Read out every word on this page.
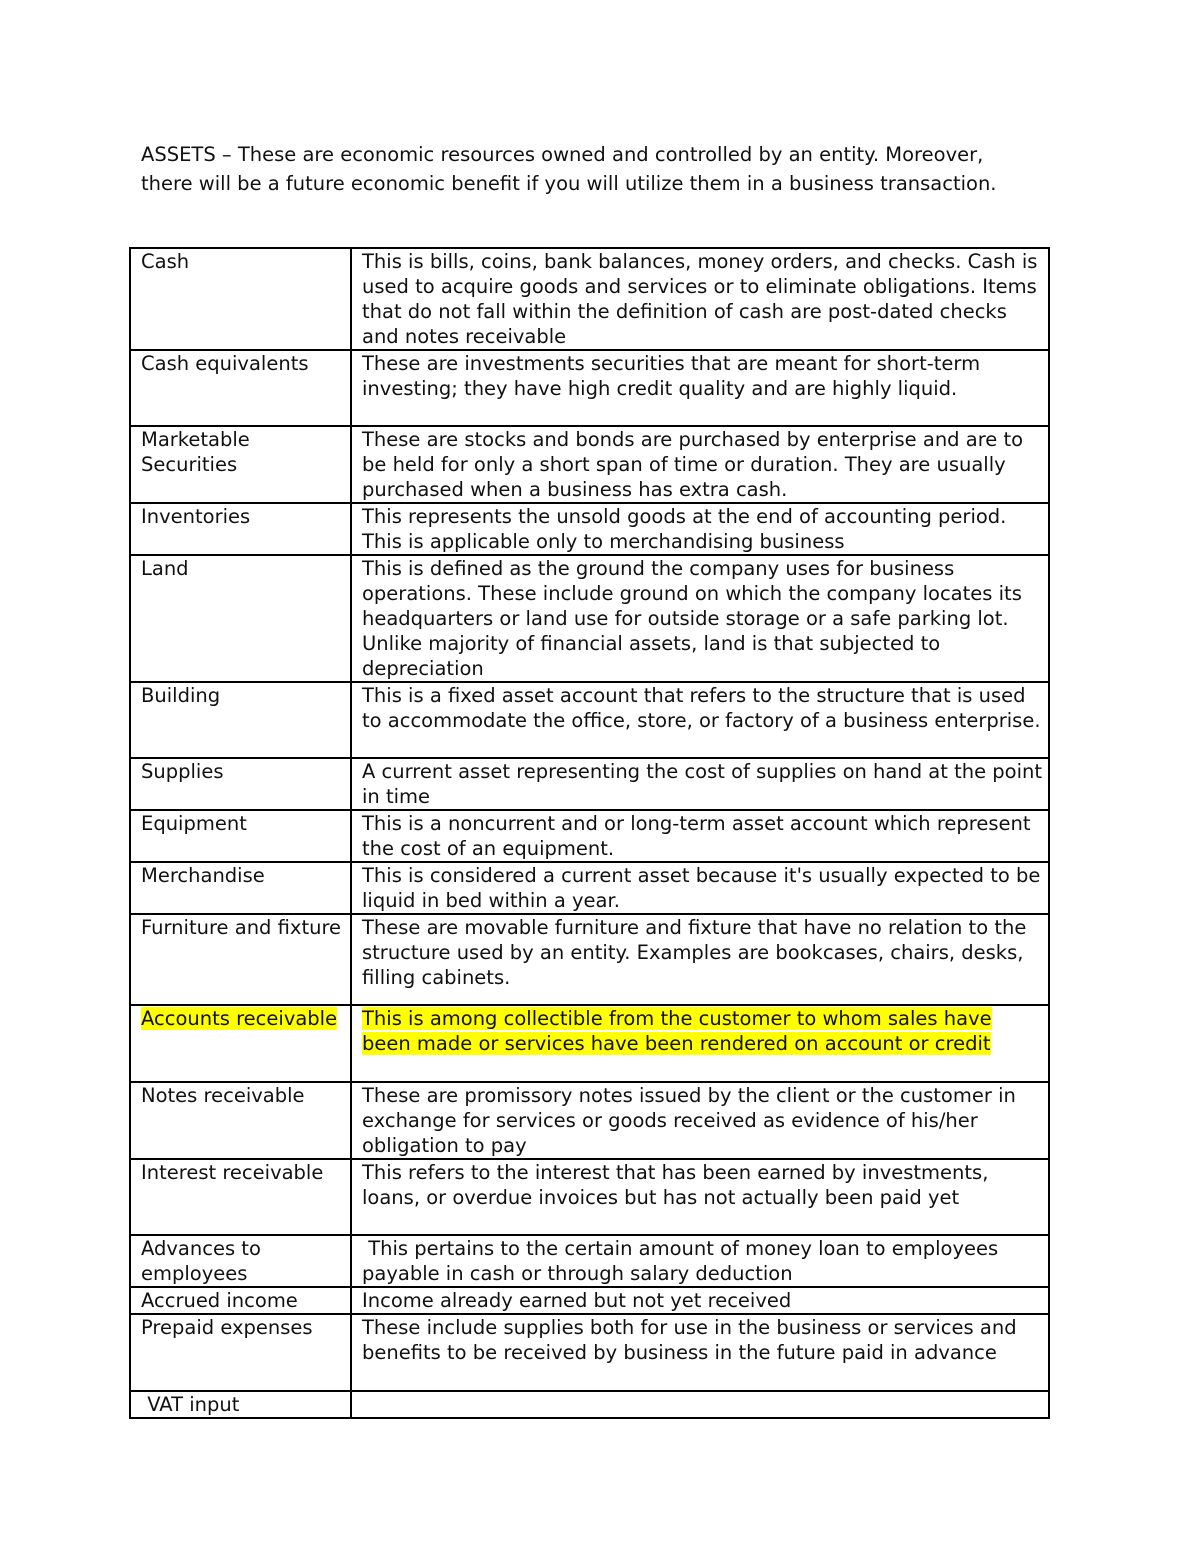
ASSETS – These are economic resources owned and controlled by an entity. Moreover, there will be a future economic benefit if you will utilize them in a business transaction.

Cash	This is bills, coins, bank balances, money orders, and checks. Cash is used to acquire goods and services or to eliminate obligations. Items that do not fall within the definition of cash are post-dated checks and notes receivable
Cash equivalents	These are investments securities that are meant for short-term investing; they have high credit quality and are highly liquid.
Marketable Securities	These are stocks and bonds are purchased by enterprise and are to be held for only a short span of time or duration. They are usually purchased when a business has extra cash.
Inventories	This represents the unsold goods at the end of accounting period. This is applicable only to merchandising business
Land	This is defined as the ground the company uses for business operations. These include ground on which the company locates its headquarters or land use for outside storage or a safe parking lot. Unlike majority of financial assets, land is that subjected to depreciation
Building	This is a fixed asset account that refers to the structure that is used to accommodate the office, store, or factory of a business enterprise.
Supplies	A current asset representing the cost of supplies on hand at the point in time
Equipment	This is a noncurrent and or long-term asset account which represent the cost of an equipment.
Merchandise	This is considered a current asset because it's usually expected to be liquid in bed within a year.
Furniture and fixture	These are movable furniture and fixture that have no relation to the structure used by an entity. Examples are bookcases, chairs, desks, filling cabinets.
Accounts receivable	This is among collectible from the customer to whom sales have been made or services have been rendered on account or credit
Notes receivable	These are promissory notes issued by the client or the customer in exchange for services or goods received as evidence of his/her obligation to pay
Interest receivable	This refers to the interest that has been earned by investments, loans, or overdue invoices but has not actually been paid yet
Advances to employees	This pertains to the certain amount of money loan to employees payable in cash or through salary deduction
Accrued income	Income already earned but not yet received
Prepaid expenses	These include supplies both for use in the business or services and benefits to be received by business in the future paid in advance
VAT input	
